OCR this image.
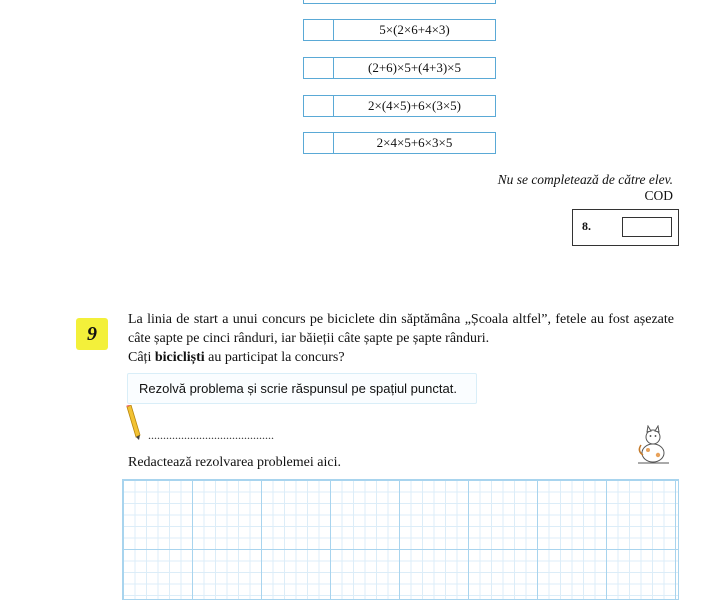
5×(2×6+4×3)
(2+6)×5+(4+3)×5
2×(4×5)+6×(3×5)
2×4×5+6×3×5
Nu se completează de către elev.
COD
8.
9

La linia de start a unui concurs pe biciclete din săptămâna „Școala altfel”, fetele au fost așezate câte șapte pe cinci rânduri, iar băieții câte șapte pe șapte rânduri.

Câți bicicliști au participat la concurs?

Rezolvă problema și scrie răspunsul pe spațiul punctat.
..........................................
Redactează rezolvarea problemei aici.
